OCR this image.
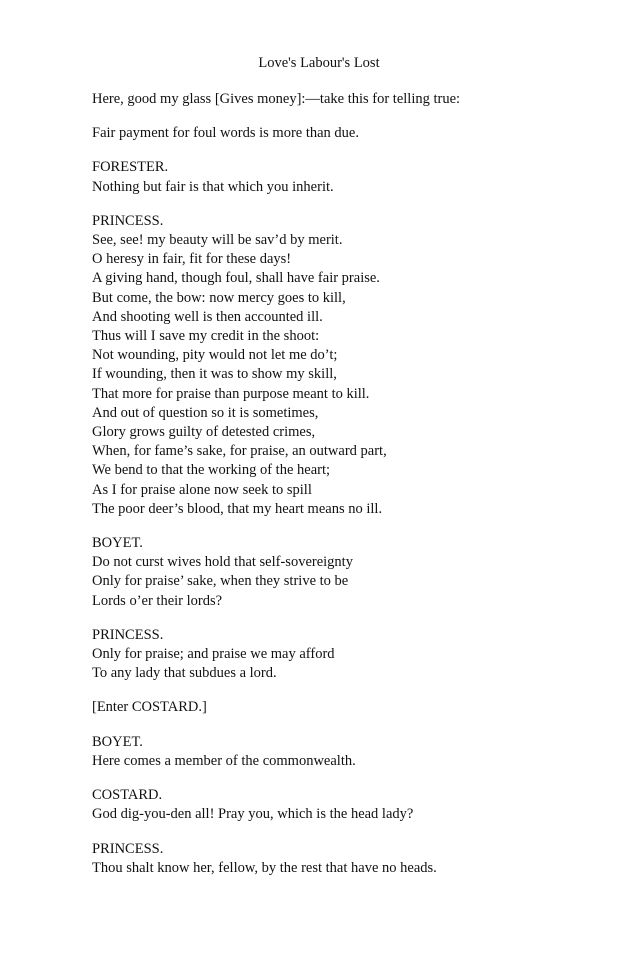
Love's Labour's Lost
Here, good my glass [Gives money]:—take this for telling true:
Fair payment for foul words is more than due.
FORESTER.
Nothing but fair is that which you inherit.
PRINCESS.
See, see! my beauty will be sav’d by merit.
O heresy in fair, fit for these days!
A giving hand, though foul, shall have fair praise.
But come, the bow: now mercy goes to kill,
And shooting well is then accounted ill.
Thus will I save my credit in the shoot:
Not wounding, pity would not let me do’t;
If wounding, then it was to show my skill,
That more for praise than purpose meant to kill.
And out of question so it is sometimes,
Glory grows guilty of detested crimes,
When, for fame’s sake, for praise, an outward part,
We bend to that the working of the heart;
As I for praise alone now seek to spill
The poor deer’s blood, that my heart means no ill.
BOYET.
Do not curst wives hold that self-sovereignty
Only for praise’ sake, when they strive to be
Lords o’er their lords?
PRINCESS.
Only for praise; and praise we may afford
To any lady that subdues a lord.
[Enter COSTARD.]
BOYET.
Here comes a member of the commonwealth.
COSTARD.
God dig-you-den all! Pray you, which is the head lady?
PRINCESS.
Thou shalt know her, fellow, by the rest that have no heads.
